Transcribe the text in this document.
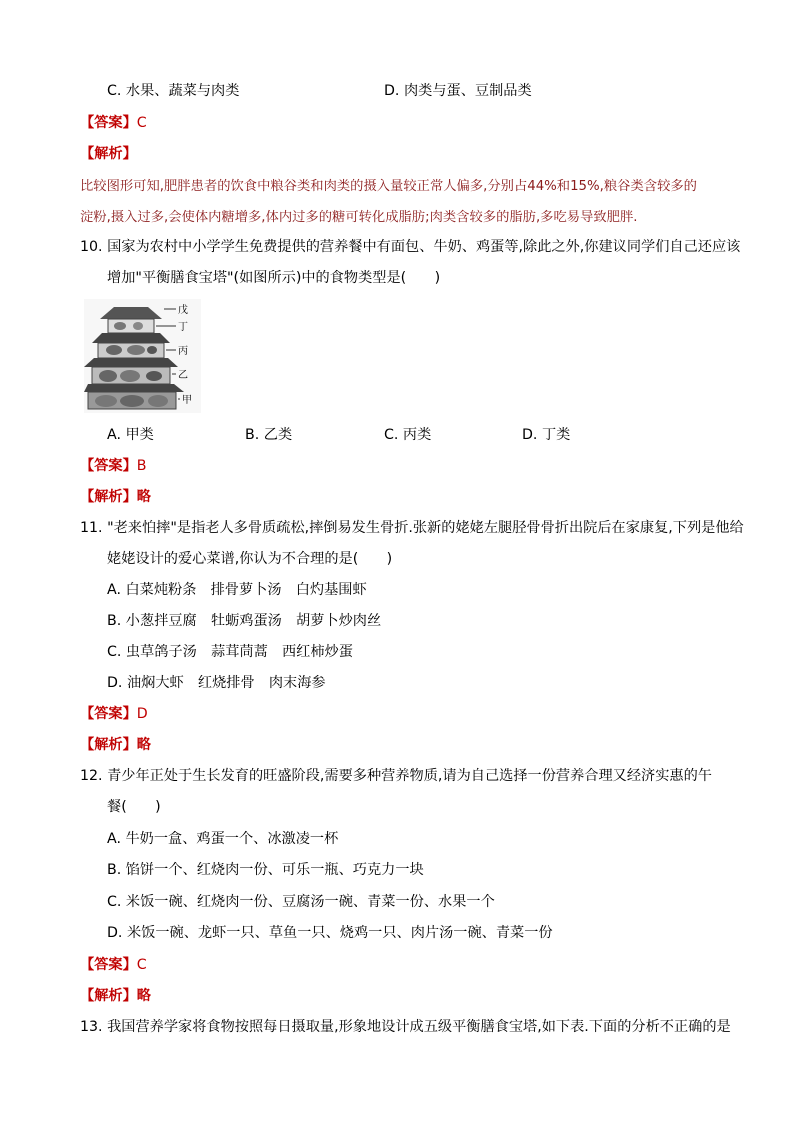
C. 水果、蔬菜与肉类	D. 肉类与蛋、豆制品类
【答案】C
【解析】
比较图形可知,肥胖患者的饮食中粮谷类和肉类的摄入量较正常人偏多,分别占44%和15%,粮谷类含较多的
淀粉,摄入过多,会使体内糖增多,体内过多的糖可转化成脂肪;肉类含较多的脂肪,多吃易导致肥胖.
10. 国家为农村中小学学生免费提供的营养餐中有面包、牛奶、鸡蛋等,除此之外,你建议同学们自己还应该
增加"平衡膳食宝塔"(如图所示)中的食物类型是(　　)
戊
丁
丙
乙
甲
A. 甲类	B. 乙类	C. 丙类	D. 丁类
【答案】B
【解析】略
11. "老来怕摔"是指老人多骨质疏松,摔倒易发生骨折.张新的姥姥左腿胫骨骨折出院后在家康复,下列是他给
姥姥设计的爱心菜谱,你认为不合理的是(　　)
A. 白菜炖粉条　排骨萝卜汤　白灼基围虾
B. 小葱拌豆腐　牡蛎鸡蛋汤　胡萝卜炒肉丝
C. 虫草鸽子汤　蒜茸茼蒿　西红柿炒蛋
D. 油焖大虾　红烧排骨　肉末海参
【答案】D
【解析】略
12. 青少年正处于生长发育的旺盛阶段,需要多种营养物质,请为自己选择一份营养合理又经济实惠的午
餐(　　)
A. 牛奶一盒、鸡蛋一个、冰激凌一杯
B. 馅饼一个、红烧肉一份、可乐一瓶、巧克力一块
C. 米饭一碗、红烧肉一份、豆腐汤一碗、青菜一份、水果一个
D. 米饭一碗、龙虾一只、草鱼一只、烧鸡一只、肉片汤一碗、青菜一份
【答案】C
【解析】略
13. 我国营养学家将食物按照每日摄取量,形象地设计成五级平衡膳食宝塔,如下表.下面的分析不正确的是
